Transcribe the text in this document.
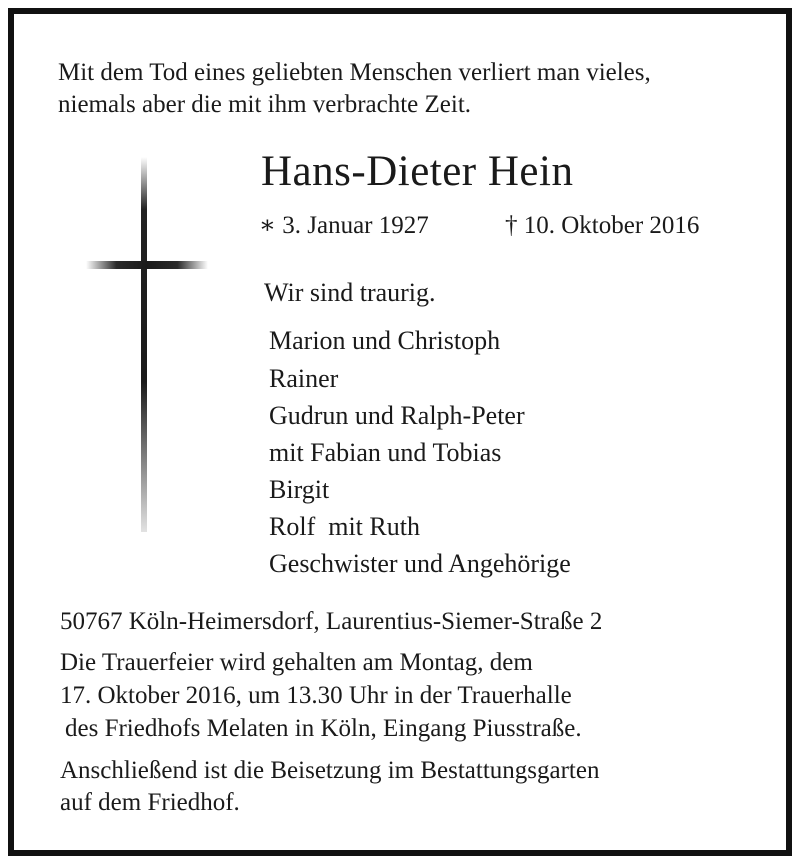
Mit dem Tod eines geliebten Menschen verliert man vieles,

niemals aber die mit ihm verbrachte Zeit.

Hans-Dieter Hein

∗ 3. Januar 1927	† 10. Oktober 2016

Wir sind traurig.

Marion und Christoph

Rainer

Gudrun und Ralph-Peter

mit Fabian und Tobias

Birgit

Rolf  mit Ruth

Geschwister und Angehörige

50767 Köln-Heimersdorf, Laurentius-Siemer-Straße 2

Die Trauerfeier wird gehalten am Montag, dem

17. Oktober 2016, um 13.30 Uhr in der Trauerhalle

des Friedhofs Melaten in Köln, Eingang Piusstraße.

Anschließend ist die Beisetzung im Bestattungsgarten

auf dem Friedhof.
